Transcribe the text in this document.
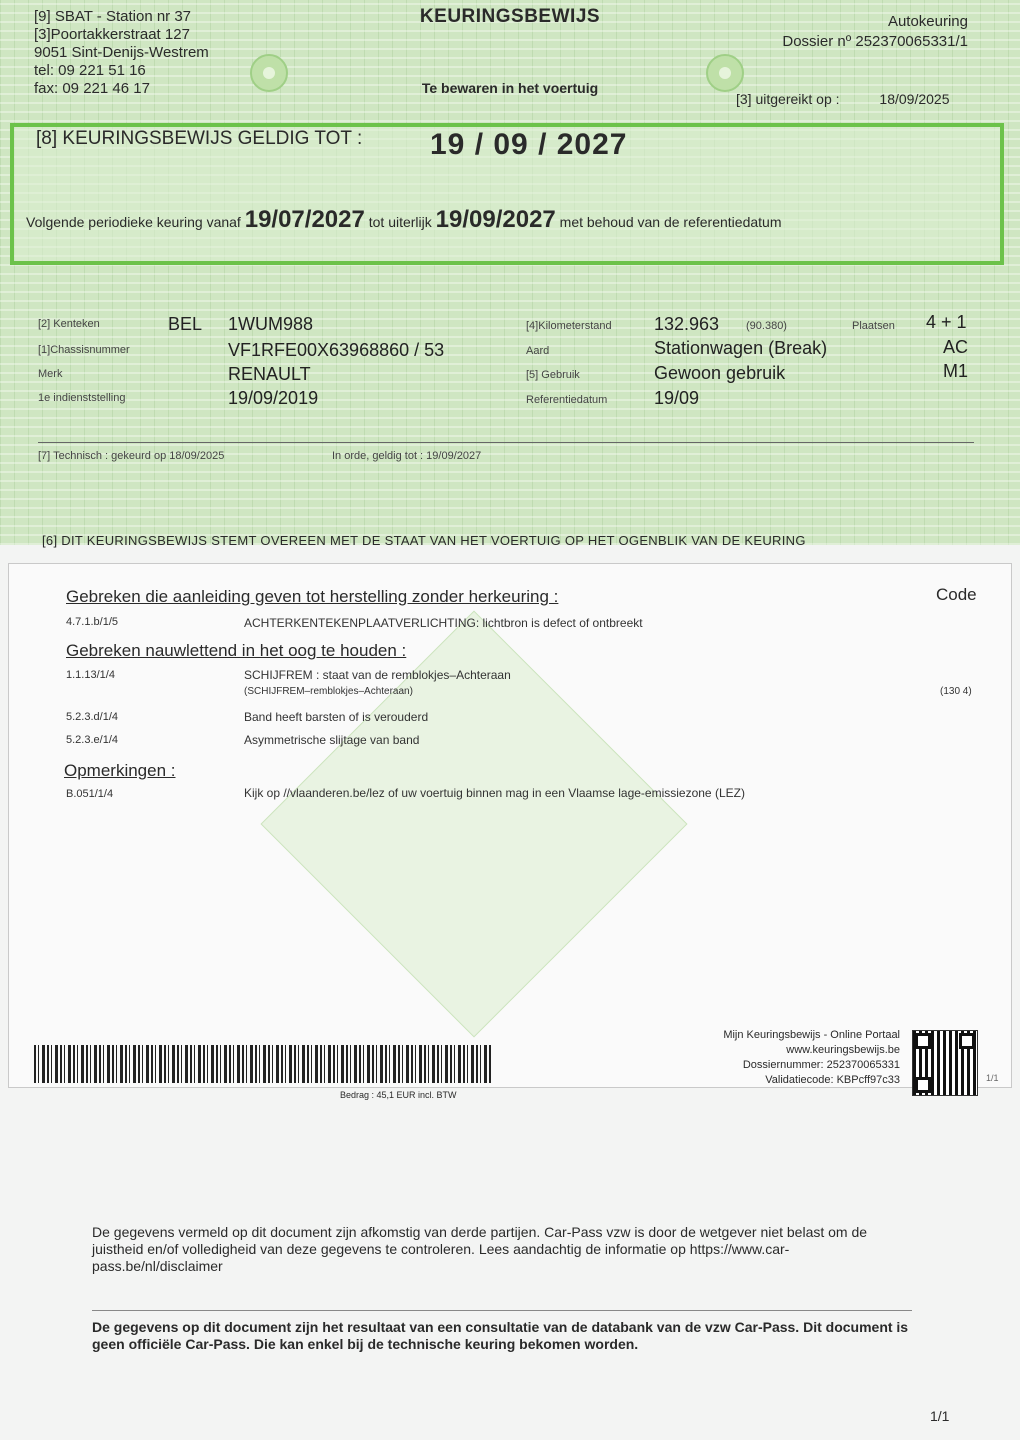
[9] SBAT - Station nr 37
[3]Poortakkerstraat 127
9051 Sint-Denijs-Westrem
tel: 09 221 51 16
fax: 09 221 46 17
KEURINGSBEWIJS
Te bewaren in het voertuig
Autokeuring
Dossier nº 252370065331/1
[3] uitgereikt op :	18/09/2025
[8] KEURINGSBEWIJS GELDIG TOT : 19 / 09 / 2027
Volgende periodieke keuring vanaf 19/07/2027 tot uiterlijk 19/09/2027 met behoud van de referentiedatum
[2] Kenteken	BEL 1WUM988
[1]Chassisnummer	VF1RFE00X63968860 / 53
Merk	RENAULT
1e indienststelling	19/09/2019
[4]Kilometerstand 132.963 (90.380)	Plaatsen 4 + 1
Aard	Stationwagen (Break)	AC
[5] Gebruik	Gewoon gebruik	M1
Referentiedatum	19/09
[7] Technisch : gekeurd op 18/09/2025	In orde, geldig tot : 19/09/2027
[6] DIT KEURINGSBEWIJS STEMT OVEREEN MET DE STAAT VAN HET VOERTUIG OP HET OGENBLIK VAN DE KEURING
Gebreken die aanleiding geven tot herstelling zonder herkeuring :	Code
4.7.1.b/1/5	ACHTERKENTEKENPLAATVERLICHTING: lichtbron is defect of ontbreekt
Gebreken nauwlettend in het oog te houden :
1.1.13/1/4	SCHIJFREM : staat van de remblokjes–Achteraan
(SCHIJFREM–remblokjes–Achteraan)	(130 4)
5.2.3.d/1/4	Band heeft barsten of is verouderd
5.2.3.e/1/4	Asymmetrische slijtage van band
Opmerkingen :
B.051/1/4	Kijk op //vlaanderen.be/lez of uw voertuig binnen mag in een Vlaamse lage-emissiezone (LEZ)
Bedrag : 45,1 EUR incl. BTW
Mijn Keuringsbewijs - Online Portaal
www.keuringsbewijs.be
Dossiernummer: 252370065331
Validatiecode: KBPcff97c33	1/1
De gegevens vermeld op dit document zijn afkomstig van derde partijen. Car-Pass vzw is door de wetgever niet belast om de juistheid en/of volledigheid van deze gegevens te controleren. Lees aandachtig de informatie op https://www.car-pass.be/nl/disclaimer
De gegevens op dit document zijn het resultaat van een consultatie van de databank van de vzw Car-Pass. Dit document is geen officiële Car-Pass. Die kan enkel bij de technische keuring bekomen worden.
1/1
